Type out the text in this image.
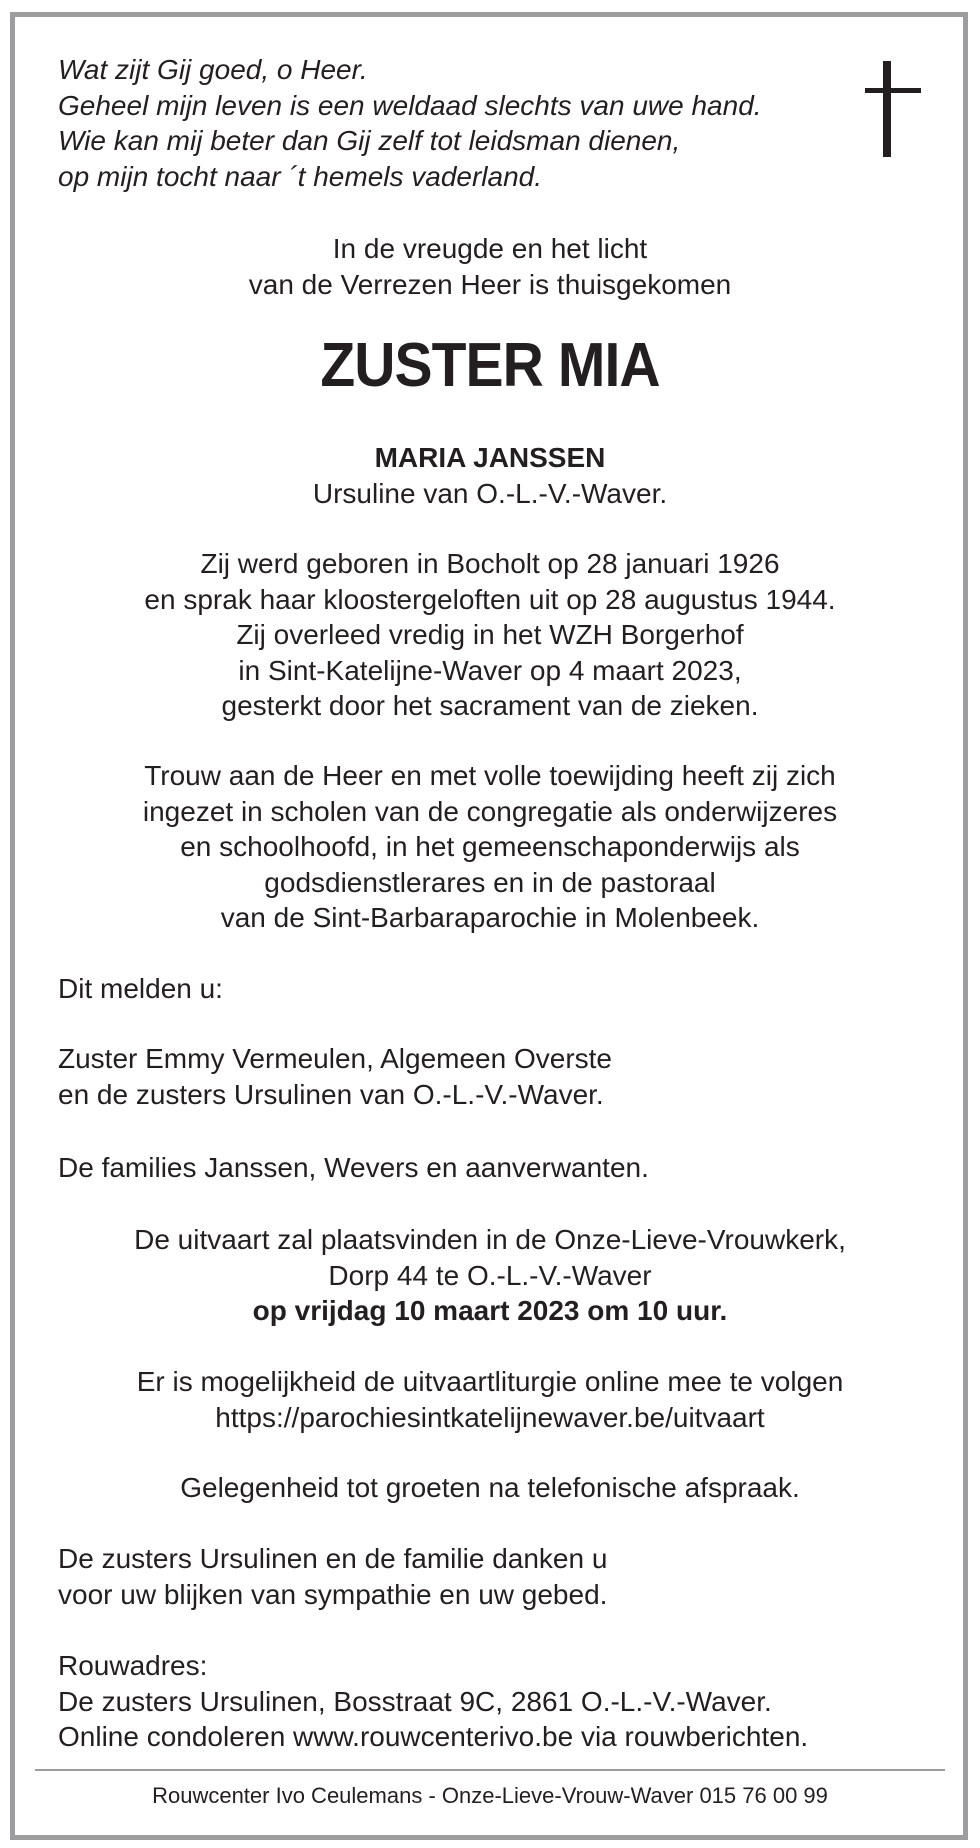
Wat zijt Gij goed, o Heer.
Geheel mijn leven is een weldaad slechts van uwe hand.
Wie kan mij beter dan Gij zelf tot leidsman dienen,
op mijn tocht naar ´t hemels vaderland.
In de vreugde en het licht
van de Verrezen Heer is thuisgekomen
ZUSTER MIA
MARIA JANSSEN
Ursuline van O.-L.-V.-Waver.
Zij werd geboren in Bocholt op 28 januari 1926
en sprak haar kloostergeloften uit op 28 augustus 1944.
Zij overleed vredig in het WZH Borgerhof
in Sint-Katelijne-Waver op 4 maart 2023,
gesterkt door het sacrament van de zieken.
Trouw aan de Heer en met volle toewijding heeft zij zich
ingezet in scholen van de congregatie als onderwijzeres
en schoolhoofd, in het gemeenschaponderwijs als
godsdienstlerares en in de pastoraal
van de Sint-Barbaraparochie in Molenbeek.
Dit melden u:
Zuster Emmy Vermeulen, Algemeen Overste
en de zusters Ursulinen van O.-L.-V.-Waver.
De families Janssen, Wevers en aanverwanten.
De uitvaart zal plaatsvinden in de Onze-Lieve-Vrouwkerk,
Dorp 44 te O.-L.-V.-Waver
op vrijdag 10 maart 2023 om 10 uur.
Er is mogelijkheid de uitvaartliturgie online mee te volgen
https://parochiesintkatelijnewaver.be/uitvaart
Gelegenheid tot groeten na telefonische afspraak.
De zusters Ursulinen en de familie danken u
voor uw blijken van sympathie en uw gebed.
Rouwadres:
De zusters Ursulinen, Bosstraat 9C, 2861 O.-L.-V.-Waver.
Online condoleren www.rouwcenterivo.be via rouwberichten.
Rouwcenter Ivo Ceulemans - Onze-Lieve-Vrouw-Waver 015 76 00 99
